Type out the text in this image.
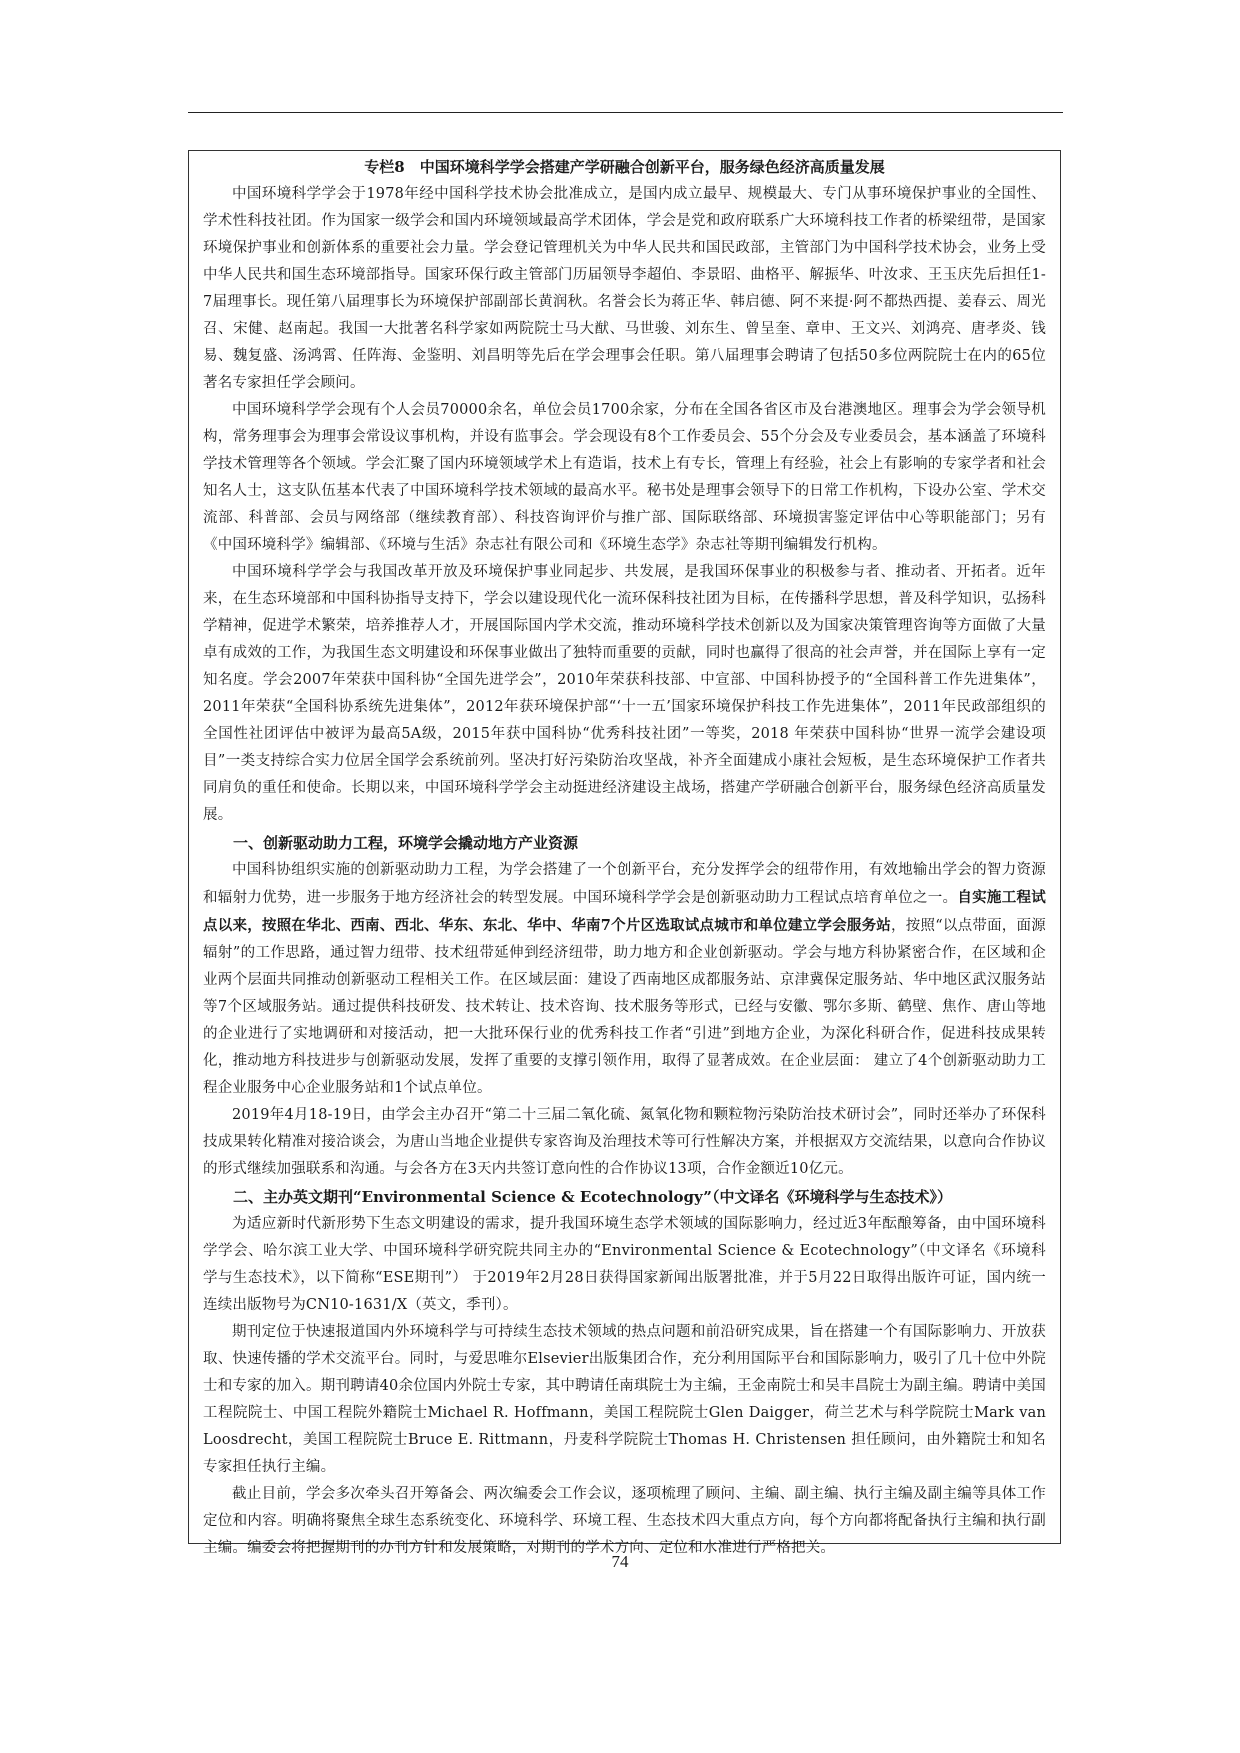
专栏8　中国环境科学学会搭建产学研融合创新平台，服务绿色经济高质量发展

中国环境科学学会于1978年经中国科学技术协会批准成立，是国内成立最早、规模最大、专门从事环境保护事业的全国性、学术性科技社团。作为国家一级学会和国内环境领域最高学术团体，学会是党和政府联系广大环境科技工作者的桥梁纽带，是国家环境保护事业和创新体系的重要社会力量。学会登记管理机关为中华人民共和国民政部，主管部门为中国科学技术协会，业务上受中华人民共和国生态环境部指导。国家环保行政主管部门历届领导李超伯、李景昭、曲格平、解振华、叶汝求、王玉庆先后担任1-7届理事长。现任第八届理事长为环境保护部副部长黄润秋。名誉会长为蒋正华、韩启德、阿不来提·阿不都热西提、姜春云、周光召、宋健、赵南起。我国一大批著名科学家如两院院士马大猷、马世骏、刘东生、曾呈奎、章申、王文兴、刘鸿亮、唐孝炎、钱易、魏复盛、汤鸿霄、任阵海、金鉴明、刘昌明等先后在学会理事会任职。第八届理事会聘请了包括50多位两院院士在内的65位著名专家担任学会顾问。

中国环境科学学会现有个人会员70000余名，单位会员1700余家，分布在全国各省区市及台港澳地区。理事会为学会领导机构，常务理事会为理事会常设议事机构，并设有监事会。学会现设有8个工作委员会、55个分会及专业委员会，基本涵盖了环境科学技术管理等各个领域。学会汇聚了国内环境领域学术上有造诣，技术上有专长，管理上有经验，社会上有影响的专家学者和社会知名人士，这支队伍基本代表了中国环境科学技术领域的最高水平。秘书处是理事会领导下的日常工作机构，下设办公室、学术交流部、科普部、会员与网络部（继续教育部）、科技咨询评价与推广部、国际联络部、环境损害鉴定评估中心等职能部门；另有《中国环境科学》编辑部、《环境与生活》杂志社有限公司和《环境生态学》杂志社等期刊编辑发行机构。

中国环境科学学会与我国改革开放及环境保护事业同起步、共发展，是我国环保事业的积极参与者、推动者、开拓者。近年来，在生态环境部和中国科协指导支持下，学会以建设现代化一流环保科技社团为目标，在传播科学思想，普及科学知识，弘扬科学精神，促进学术繁荣，培养推荐人才，开展国际国内学术交流，推动环境科学技术创新以及为国家决策管理咨询等方面做了大量卓有成效的工作，为我国生态文明建设和环保事业做出了独特而重要的贡献，同时也赢得了很高的社会声誉，并在国际上享有一定知名度。学会2007年荣获中国科协“全国先进学会”，2010年荣获科技部、中宣部、中国科协授予的“全国科普工作先进集体”，2011年荣获“全国科协系统先进集体”，2012年获环境保护部“‘十一五’国家环境保护科技工作先进集体”，2011年民政部组织的全国性社团评估中被评为最高5A级，2015年获中国科协“优秀科技社团”一等奖，2018 年荣获中国科协“世界一流学会建设项目”一类支持综合实力位居全国学会系统前列。坚决打好污染防治攻坚战，补齐全面建成小康社会短板，是生态环境保护工作者共同肩负的重任和使命。长期以来，中国环境科学学会主动挺进经济建设主战场，搭建产学研融合创新平台，服务绿色经济高质量发展。

一、创新驱动助力工程，环境学会撬动地方产业资源

中国科协组织实施的创新驱动助力工程，为学会搭建了一个创新平台，充分发挥学会的纽带作用，有效地输出学会的智力资源和辐射力优势，进一步服务于地方经济社会的转型发展。中国环境科学学会是创新驱动助力工程试点培育单位之一。自实施工程试点以来，按照在华北、西南、西北、华东、东北、华中、华南7个片区选取试点城市和单位建立学会服务站，按照“以点带面，面源辐射”的工作思路，通过智力纽带、技术纽带延伸到经济纽带，助力地方和企业创新驱动。学会与地方科协紧密合作，在区域和企业两个层面共同推动创新驱动工程相关工作。在区域层面：建设了西南地区成都服务站、京津冀保定服务站、华中地区武汉服务站等7个区域服务站。通过提供科技研发、技术转让、技术咨询、技术服务等形式，已经与安徽、鄂尔多斯、鹤壁、焦作、唐山等地的企业进行了实地调研和对接活动，把一大批环保行业的优秀科技工作者“引进”到地方企业，为深化科研合作，促进科技成果转化，推动地方科技进步与创新驱动发展，发挥了重要的支撑引领作用，取得了显著成效。在企业层面： 建立了4个创新驱动助力工程企业服务中心企业服务站和1个试点单位。

2019年4月18-19日，由学会主办召开“第二十三届二氧化硫、氮氧化物和颗粒物污染防治技术研讨会”，同时还举办了环保科技成果转化精准对接洽谈会，为唐山当地企业提供专家咨询及治理技术等可行性解决方案，并根据双方交流结果，以意向合作协议的形式继续加强联系和沟通。与会各方在3天内共签订意向性的合作协议13项，合作金额近10亿元。

二、主办英文期刊“Environmental Science & Ecotechnology”（中文译名《环境科学与生态技术》）

为适应新时代新形势下生态文明建设的需求，提升我国环境生态学术领域的国际影响力，经过近3年酝酿筹备，由中国环境科学学会、哈尔滨工业大学、中国环境科学研究院共同主办的“Environmental Science & Ecotechnology”（中文译名《环境科学与生态技术》，以下简称“ESE期刊”） 于2019年2月28日获得国家新闻出版署批准，并于5月22日取得出版许可证，国内统一连续出版物号为CN10-1631/X（英文，季刊）。

期刊定位于快速报道国内外环境科学与可持续生态技术领域的热点问题和前沿研究成果，旨在搭建一个有国际影响力、开放获取、快速传播的学术交流平台。同时，与爱思唯尔Elsevier出版集团合作，充分利用国际平台和国际影响力，吸引了几十位中外院士和专家的加入。期刊聘请40余位国内外院士专家，其中聘请任南琪院士为主编，王金南院士和吴丰昌院士为副主编。聘请中美国工程院院士、中国工程院外籍院士Michael R. Hoffmann，美国工程院院士Glen Daigger，荷兰艺术与科学院院士Mark van Loosdrecht，美国工程院院士Bruce E. Rittmann，丹麦科学院院士Thomas H. Christensen 担任顾问，由外籍院士和知名专家担任执行主编。

截止目前，学会多次牵头召开筹备会、两次编委会工作会议，逐项梳理了顾问、主编、副主编、执行主编及副主编等具体工作定位和内容。明确将聚焦全球生态系统变化、环境科学、环境工程、生态技术四大重点方向，每个方向都将配备执行主编和执行副主编。编委会将把握期刊的办刊方针和发展策略，对期刊的学术方向、定位和水准进行严格把关。

74
